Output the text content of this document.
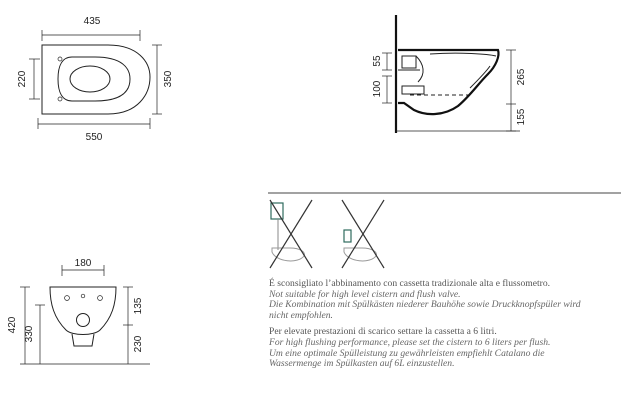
435
220	350
550
55
100
265
155
180
420
330
135
230

É sconsigliato l’abbinamento con cassetta tradizionale alta e flussometro.

Not suitable for high level cistern and flush valve.

Die Kombination mit Spülkästen niederer Bauhöhe sowie Druckknopfspüler wird

nicht empfohlen.

Per elevate prestazioni di scarico settare la cassetta a 6 litri.

For high flushing performance, please set the cistern to 6 liters per flush.

Um eine optimale Spülleistung zu gewährleisten empfiehlt Catalano die

Wassermenge im Spülkasten auf 6L einzustellen.
